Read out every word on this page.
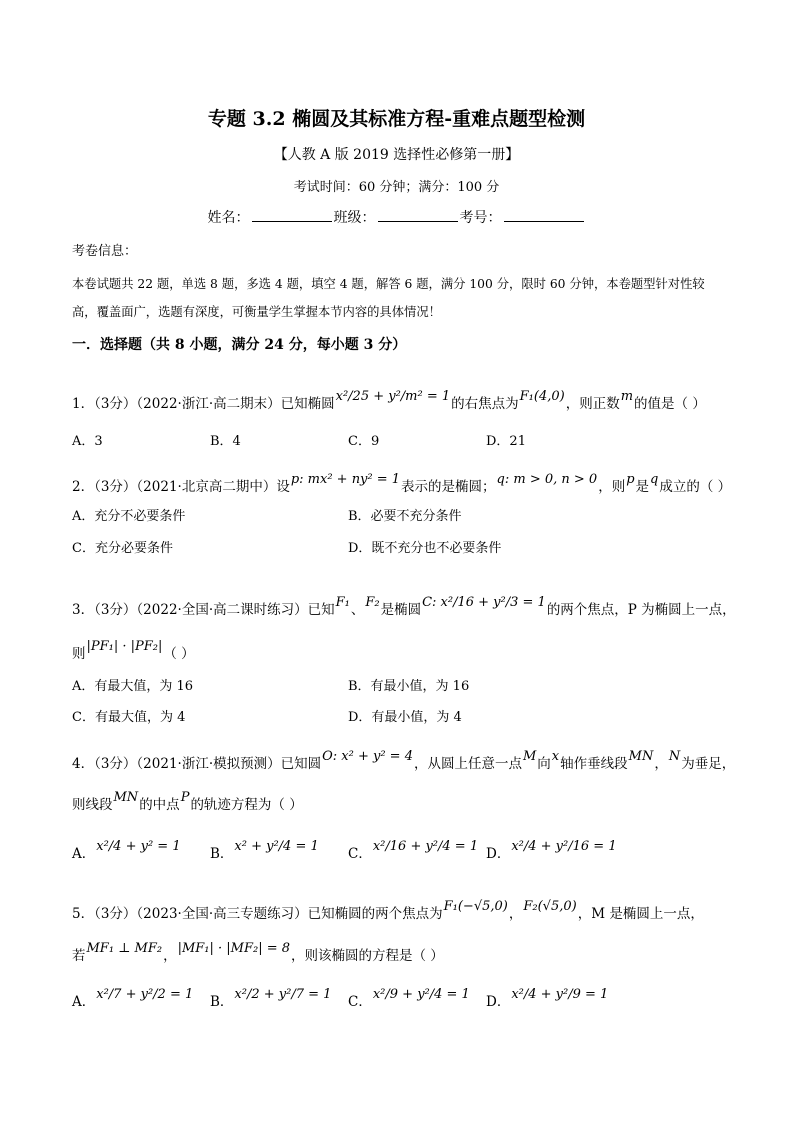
专题 3.2 椭圆及其标准方程-重难点题型检测
【人教 A 版 2019 选择性必修第一册】
考试时间：60 分钟；满分：100 分
姓名：	班级：	考号：
考卷信息：
本卷试题共 22 题，单选 8 题，多选 4 题，填空 4 题，解答 6 题，满分 100 分，限时 60 分钟，本卷题型针对性较
高，覆盖面广，选题有深度，可衡量学生掌握本节内容的具体情况！
一．选择题（共 8 小题，满分 24 分，每小题 3 分）
1．（3分）（2022·浙江·高二期末）已知椭圆 x²/25 + y²/m² = 1 的右焦点为 F₁(4,0) ，则正数 m 的值是（ ）
A．3	B．4	C．9	D．21
2．（3分）（2021·北京高二期中）设 p: mx² + ny² = 1 表示的是椭圆； q: m > 0, n > 0 ，则 p 是 q 成立的（ ）
A．充分不必要条件	B．必要不充分条件
C．充分必要条件	D．既不充分也不必要条件
3．（3分）（2022·全国·高二课时练习）已知 F₁ 、 F₂ 是椭圆 C: x²/16 + y²/3 = 1 的两个焦点，P 为椭圆上一点，
则 |PF₁| · |PF₂| （ ）
A．有最大值，为 16	B．有最小值，为 16
C．有最大值，为 4	D．有最小值，为 4
4．（3分）（2021·浙江·模拟预测）已知圆 O: x² + y² = 4 ，从圆上任意一点 M 向 x 轴作垂线段 MN ， N 为垂足，
则线段 MN 的中点 P 的轨迹方程为（ ）
A． x²/4 + y² = 1 B． x² + y²/4 = 1 C． x²/16 + y²/4 = 1 D． x²/4 + y²/16 = 1
5．（3分）（2023·全国·高三专题练习）已知椭圆的两个焦点为 F₁(−√5,0) ， F₂(√5,0) ，M 是椭圆上一点，
若 MF₁ ⊥ MF₂ ， |MF₁| · |MF₂| = 8 ，则该椭圆的方程是（ ）
A． x²/7 + y²/2 = 1 B． x²/2 + y²/7 = 1 C． x²/9 + y²/4 = 1 D． x²/4 + y²/9 = 1
